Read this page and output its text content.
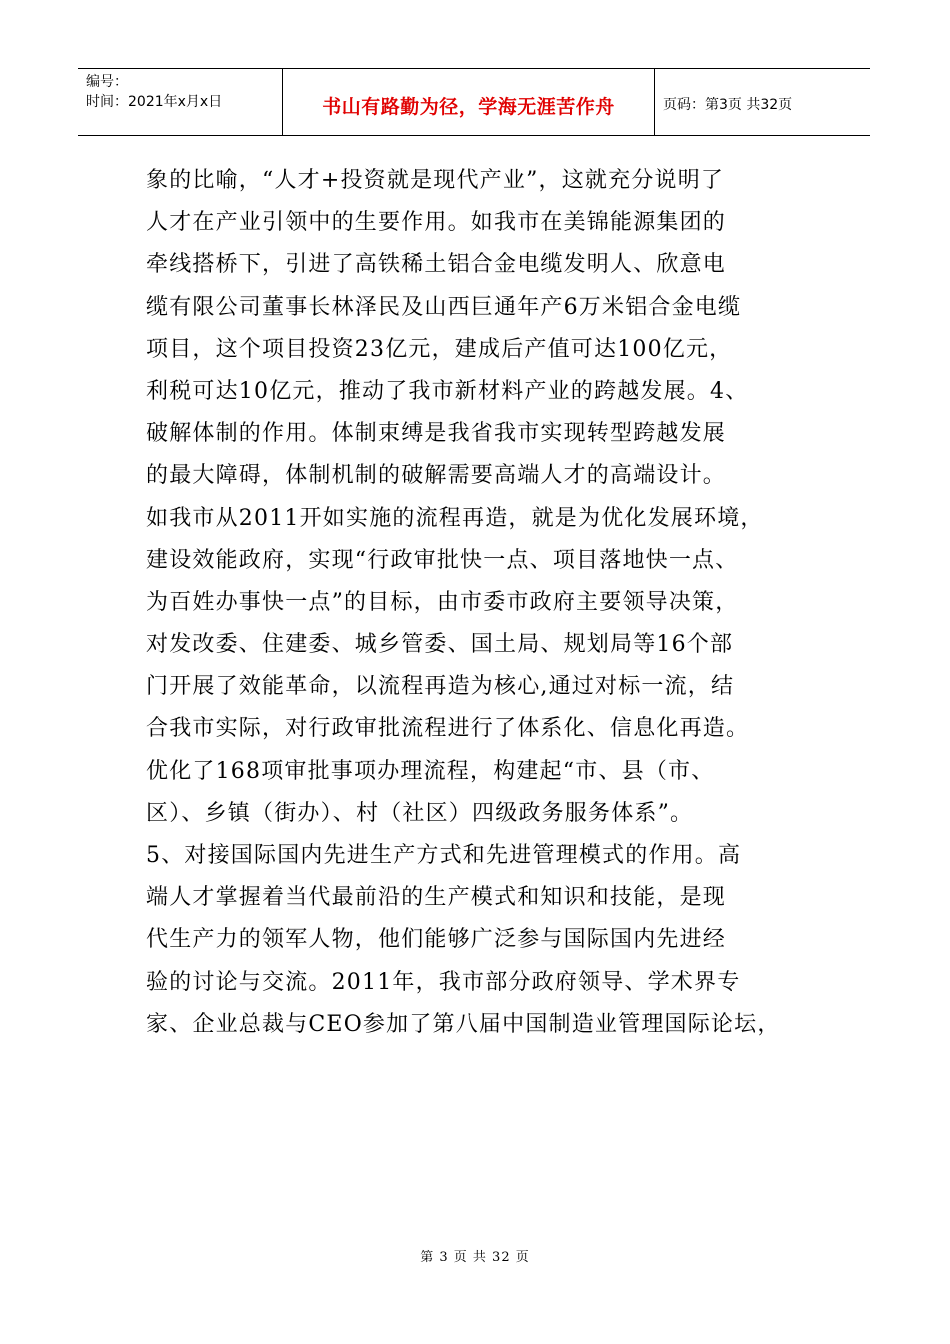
编号：
时间：2021年x月x日	书山有路勤为径，学海无涯苦作舟	页码：第3页 共32页
象的比喻，“人才+投资就是现代产业”，这就充分说明了
人才在产业引领中的生要作用。如我市在美锦能源集团的
牵线搭桥下，引进了高铁稀土铝合金电缆发明人、欣意电
缆有限公司董事长林泽民及山西巨通年产6万米铝合金电缆
项目，这个项目投资23亿元，建成后产值可达100亿元，
利税可达10亿元，推动了我市新材料产业的跨越发展。4、
破解体制的作用。体制束缚是我省我市实现转型跨越发展
的最大障碍，体制机制的破解需要高端人才的高端设计。
如我市从2011开如实施的流程再造，就是为优化发展环境，
建设效能政府，实现“行政审批快一点、项目落地快一点、
为百姓办事快一点”的目标，由市委市政府主要领导决策，
对发改委、住建委、城乡管委、国土局、规划局等16个部
门开展了效能革命，以流程再造为核心,通过对标一流，结
合我市实际，对行政审批流程进行了体系化、信息化再造。
优化了168项审批事项办理流程，构建起“市、县（市、
区）、乡镇（街办）、村（社区）四级政务服务体系”。
5、对接国际国内先进生产方式和先进管理模式的作用。高
端人才掌握着当代最前沿的生产模式和知识和技能，是现
代生产力的领军人物，他们能够广泛参与国际国内先进经
验的讨论与交流。2011年，我市部分政府领导、学术界专
家、企业总裁与CEO参加了第八届中国制造业管理国际论坛，
第 3 页 共 32 页
